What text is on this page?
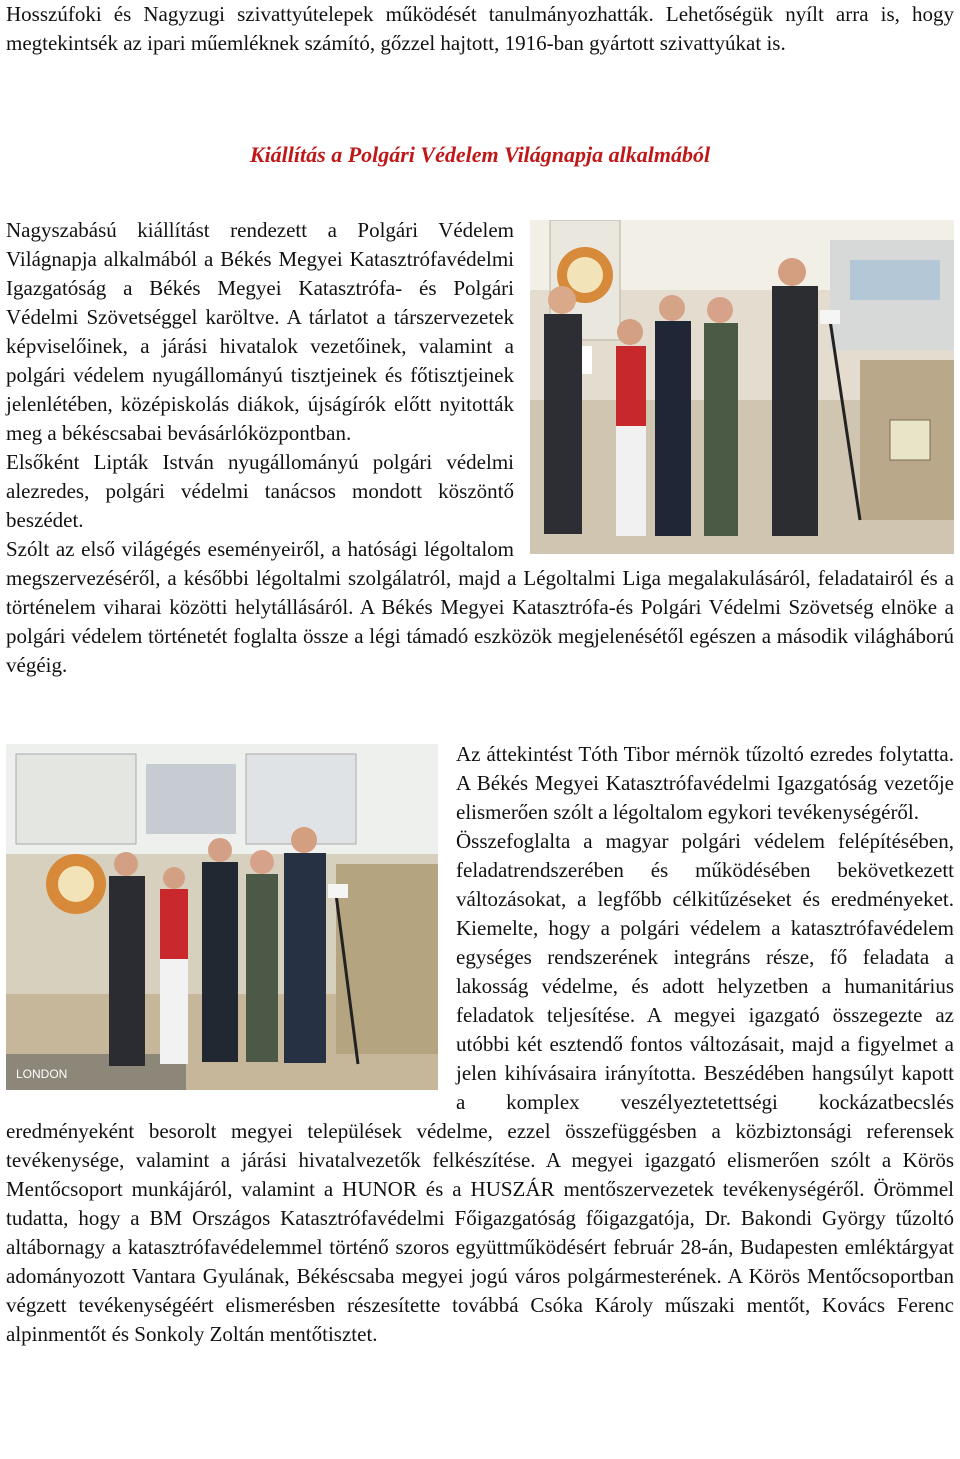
Hosszúfoki és Nagyzugi szivattyútelepek működését tanulmányozhatták. Lehetőségük nyílt arra is, hogy megtekintsék az ipari műemléknek számító, gőzzel hajtott, 1916-ban gyártott szivattyúkat is.

Kiállítás a Polgári Védelem Világnapja alkalmából

Nagyszabású kiállítást rendezett a Polgári Védelem Világnapja alkalmából a Békés Megyei Katasztrófavédelmi Igazgatóság a Békés Megyei Katasztrófa- és Polgári Védelmi Szövetséggel karöltve. A tárlatot a társzervezetek képviselőinek, a járási hivatalok vezetőinek, valamint a polgári védelem nyugállományú tisztjeinek és főtisztjeinek jelenlétében, középiskolás diákok, újságírók előtt nyitották meg a békéscsabai bevásárlóközpontban.

Elsőként Lipták István nyugállományú polgári védelmi alezredes, polgári védelmi tanácsos mondott köszöntő beszédet.

Szólt az első világégés eseményeiről, a hatósági légoltalom megszervezéséről, a későbbi légoltalmi szolgálatról, majd a Légoltalmi Liga megalakulásáról, feladatairól és a történelem viharai közötti helytállásáról. A Békés Megyei Katasztrófa-és Polgári Védelmi Szövetség elnöke a polgári védelem történetét foglalta össze a légi támadó eszközök megjelenésétől egészen a második világháború végéig.

LONDON

Az áttekintést Tóth Tibor mérnök tűzoltó ezredes folytatta. A Békés Megyei Katasztrófavédelmi Igazgatóság vezetője elismerően szólt a légoltalom egykori tevékenységéről.

Összefoglalta a magyar polgári védelem felépítésében, feladatrendszerében és működésében bekövetkezett változásokat, a legfőbb célkitűzéseket és eredményeket. Kiemelte, hogy a polgári védelem a katasztrófavédelem egységes rendszerének integráns része, fő feladata a lakosság védelme, és adott helyzetben a humanitárius feladatok teljesítése. A megyei igazgató összegezte az utóbbi két esztendő fontos változásait, majd a figyelmet a jelen kihívásaira irányította. Beszédében hangsúlyt kapott a komplex veszélyeztetettségi kockázatbecslés eredményeként besorolt megyei települések védelme, ezzel összefüggésben a közbiztonsági referensek tevékenysége, valamint a járási hivatalvezetők felkészítése. A megyei igazgató elismerően szólt a Körös Mentőcsoport munkájáról, valamint a HUNOR és a HUSZÁR mentőszervezetek tevékenységéről. Örömmel tudatta, hogy a BM Országos Katasztrófavédelmi Főigazgatóság főigazgatója, Dr. Bakondi György tűzoltó altábornagy a katasztrófavédelemmel történő szoros együttműködésért február 28-án, Budapesten emléktárgyat adományozott Vantara Gyulának, Békéscsaba megyei jogú város polgármesterének. A Körös Mentőcsoportban végzett tevékenységéért elismerésben részesítette továbbá Csóka Károly műszaki mentőt, Kovács Ferenc alpinmentőt és Sonkoly Zoltán mentőtisztet.
